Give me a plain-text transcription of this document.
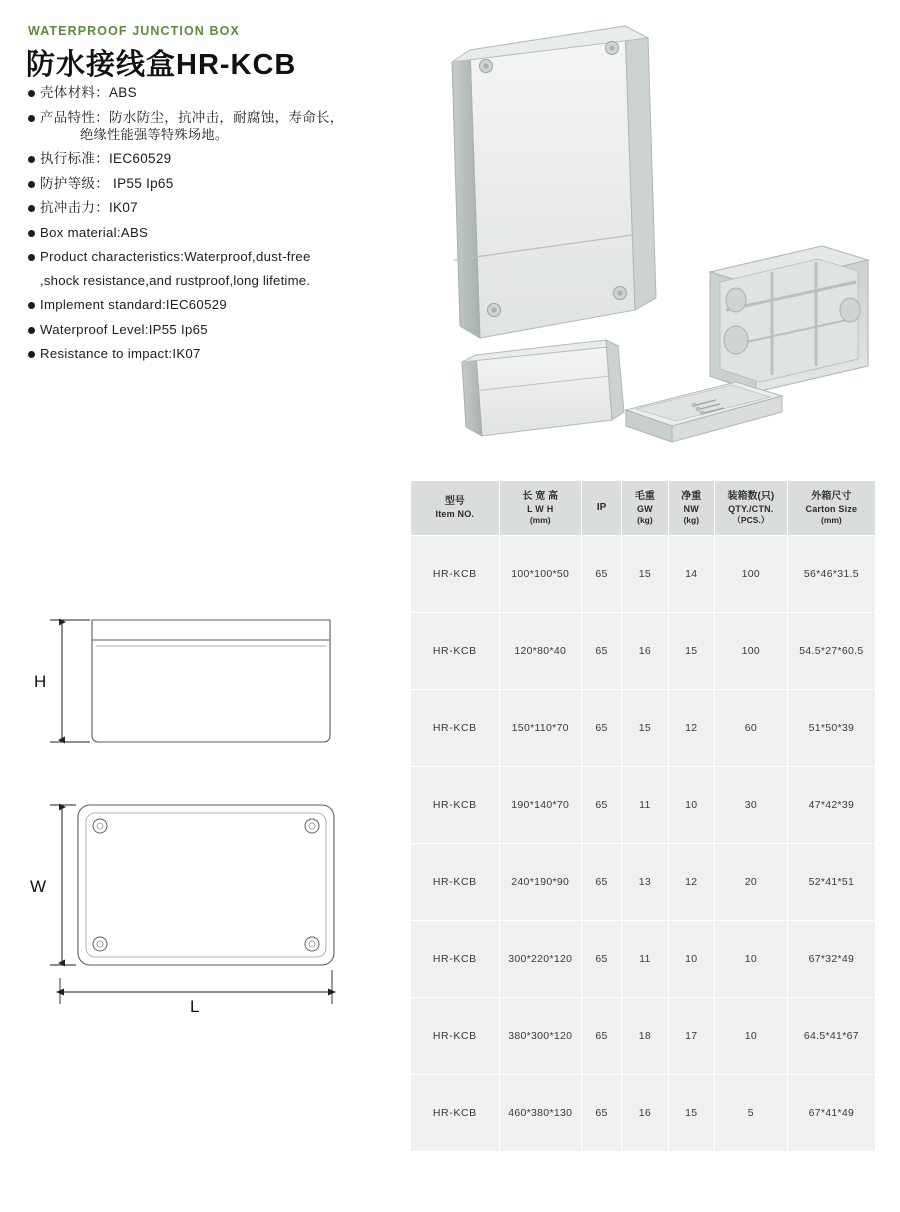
WATERPROOF JUNCTION BOX
防水接线盒HR-KCB
壳体材料：ABS
产品特性：防水防尘，抗冲击，耐腐蚀，寿命长，
绝缘性能强等特殊场地。
执行标准：IEC60529
防护等级： IP55 Ip65
抗冲击力：IK07
Box material:ABS
Product characteristics:Waterproof,dust-free
,shock resistance,and rustproof,long lifetime.
Implement standard:IEC60529
Waterproof Level:IP55 Ip65
Resistance to impact:IK07
H
W
L
型号
Item NO.	长 宽 高
L W H
(mm)	IP	毛重
GW
(kg)	净重
NW
(kg)	装箱数(只)
QTY./CTN.
（PCS.）	外箱尺寸
Carton Size
(mm)

HR-KCB	100*100*50	65	15	14	100	56*46*31.5
HR-KCB	120*80*40	65	16	15	100	54.5*27*60.5
HR-KCB	150*110*70	65	15	12	60	51*50*39
HR-KCB	190*140*70	65	11	10	30	47*42*39
HR-KCB	240*190*90	65	13	12	20	52*41*51
HR-KCB	300*220*120	65	11	10	10	67*32*49
HR-KCB	380*300*120	65	18	17	10	64.5*41*67
HR-KCB	460*380*130	65	16	15	5	67*41*49
